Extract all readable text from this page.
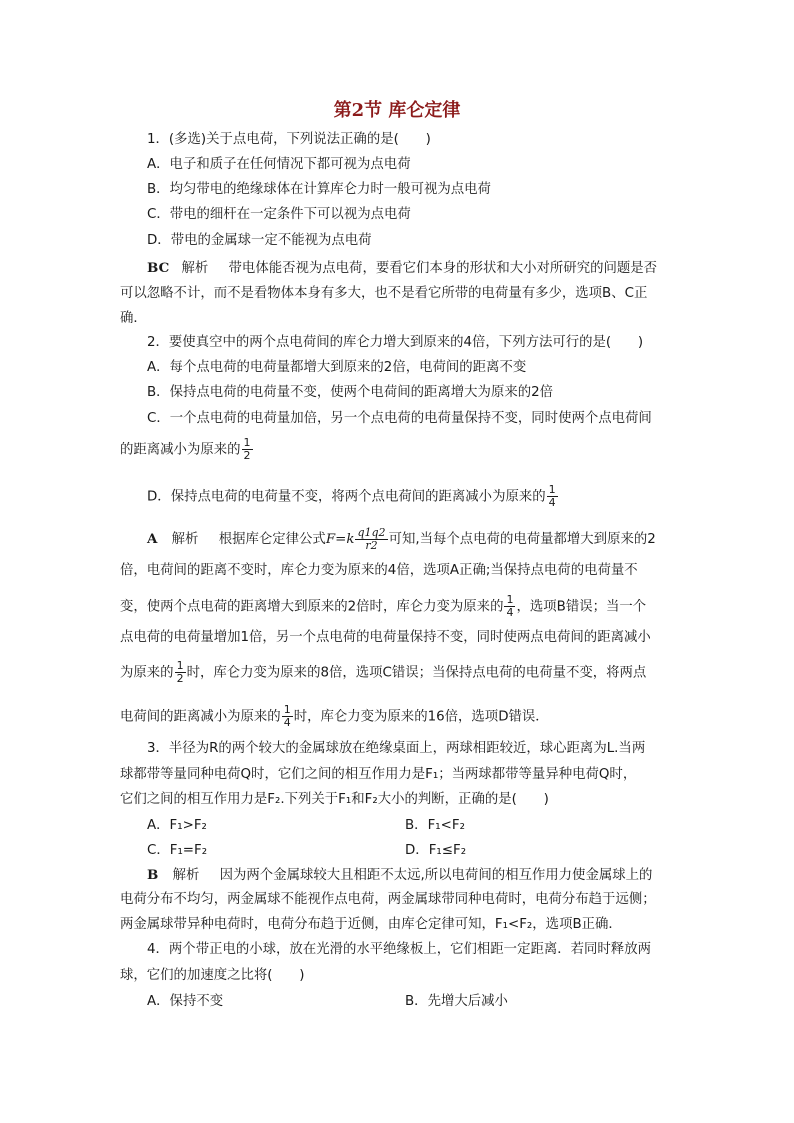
第2节 库仑定律
1．(多选)关于点电荷，下列说法正确的是(　　)
A．电子和质子在任何情况下都可视为点电荷
B．均匀带电的绝缘球体在计算库仑力时一般可视为点电荷
C．带电的细杆在一定条件下可以视为点电荷
D．带电的金属球一定不能视为点电荷
BC 解析 带电体能否视为点电荷，要看它们本身的形状和大小对所研究的问题是否
可以忽略不计，而不是看物体本身有多大，也不是看它所带的电荷量有多少，选项B、C正
确．
2．要使真空中的两个点电荷间的库仑力增大到原来的4倍，下列方法可行的是(　　)
A．每个点电荷的电荷量都增大到原来的2倍，电荷间的距离不变
B．保持点电荷的电荷量不变，使两个电荷间的距离增大为原来的2倍
C．一个点电荷的电荷量加倍，另一个点电荷的电荷量保持不变，同时使两个点电荷间
的距离减小为原来的 $\frac{1}{2}$
D．保持点电荷的电荷量不变，将两个点电荷间的距离减小为原来的 $\frac{1}{4}$
A 解析 根据库仑定律公式$F=k \frac{q1q2}{r2}$ 可知,当每个点电荷的电荷量都增大到原来的2
倍，电荷间的距离不变时，库仑力变为原来的4倍，选项A正确;当保持点电荷的电荷量不
变，使两个点电荷的距离增大到原来的2倍时，库仑力变为原来的 $\frac{1}{4}$ ，选项B错误；当一个
点电荷的电荷量增加1倍，另一个点电荷的电荷量保持不变，同时使两点电荷间的距离减小
为原来的 $\frac{1}{2}$ 时，库仑力变为原来的8倍，选项C错误；当保持点电荷的电荷量不变，将两点
电荷间的距离减小为原来的 $\frac{1}{4}$ 时，库仑力变为原来的16倍，选项D错误．
3．半径为R的两个较大的金属球放在绝缘桌面上，两球相距较近，球心距离为L.当两
球都带等量同种电荷Q时，它们之间的相互作用力是F₁；当两球都带等量异种电荷Q时，
它们之间的相互作用力是F₂.下列关于F₁和F₂大小的判断，正确的是(　　)
A．F₁>F₂	B．F₁<F₂
C．F₁=F₂	D．F₁≤F₂
B 解析 因为两个金属球较大且相距不太远,所以电荷间的相互作用力使金属球上的
电荷分布不均匀，两金属球不能视作点电荷，两金属球带同种电荷时，电荷分布趋于远侧；
两金属球带异种电荷时，电荷分布趋于近侧，由库仑定律可知，F₁<F₂，选项B正确．
4．两个带正电的小球，放在光滑的水平绝缘板上，它们相距一定距离．若同时释放两
球，它们的加速度之比将(　　)
A．保持不变	B．先增大后减小
